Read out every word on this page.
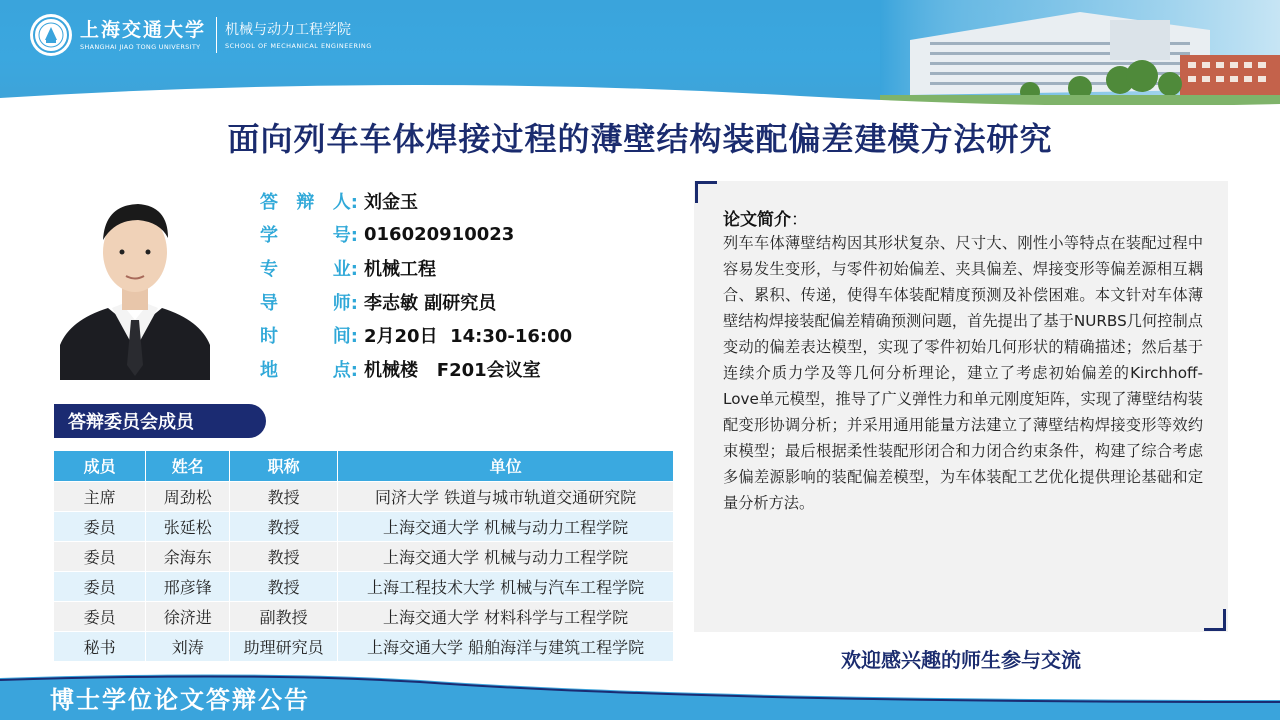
上海交通大学
SHANGHAI JIAO TONG UNIVERSITY
机械与动力工程学院
SCHOOL OF MECHANICAL ENGINEERING
面向列车车体焊接过程的薄壁结构装配偏差建模方法研究
答 辩 人: 刘金玉
学	号: 016020910023
专	业: 机械工程
导	师: 李志敏 副研究员
时	间: 2月20日  14:30-16:00
地	点: 机械楼   F201会议室
答辩委员会成员
成员	姓名	职称	单位
主席	周劲松	教授	同济大学 铁道与城市轨道交通研究院
委员	张延松	教授	上海交通大学 机械与动力工程学院
委员	余海东	教授	上海交通大学 机械与动力工程学院
委员	邢彦锋	教授	上海工程技术大学 机械与汽车工程学院
委员	徐济进	副教授	上海交通大学 材料科学与工程学院
秘书	刘涛	助理研究员	上海交通大学 船舶海洋与建筑工程学院
论文简介：
列车车体薄壁结构因其形状复杂、尺寸大、刚性小等特点在装配过程中容易发生变形，与零件初始偏差、夹具偏差、焊接变形等偏差源相互耦合、累积、传递，使得车体装配精度预测及补偿困难。本文针对车体薄壁结构焊接装配偏差精确预测问题，首先提出了基于NURBS几何控制点变动的偏差表达模型，实现了零件初始几何形状的精确描述；然后基于连续介质力学及等几何分析理论，建立了考虑初始偏差的Kirchhoff-Love单元模型，推导了广义弹性力和单元刚度矩阵，实现了薄壁结构装配变形协调分析；并采用通用能量方法建立了薄壁结构焊接变形等效约束模型；最后根据柔性装配形闭合和力闭合约束条件，构建了综合考虑多偏差源影响的装配偏差模型，为车体装配工艺优化提供理论基础和定量分析方法。
欢迎感兴趣的师生参与交流
博士学位论文答辩公告
